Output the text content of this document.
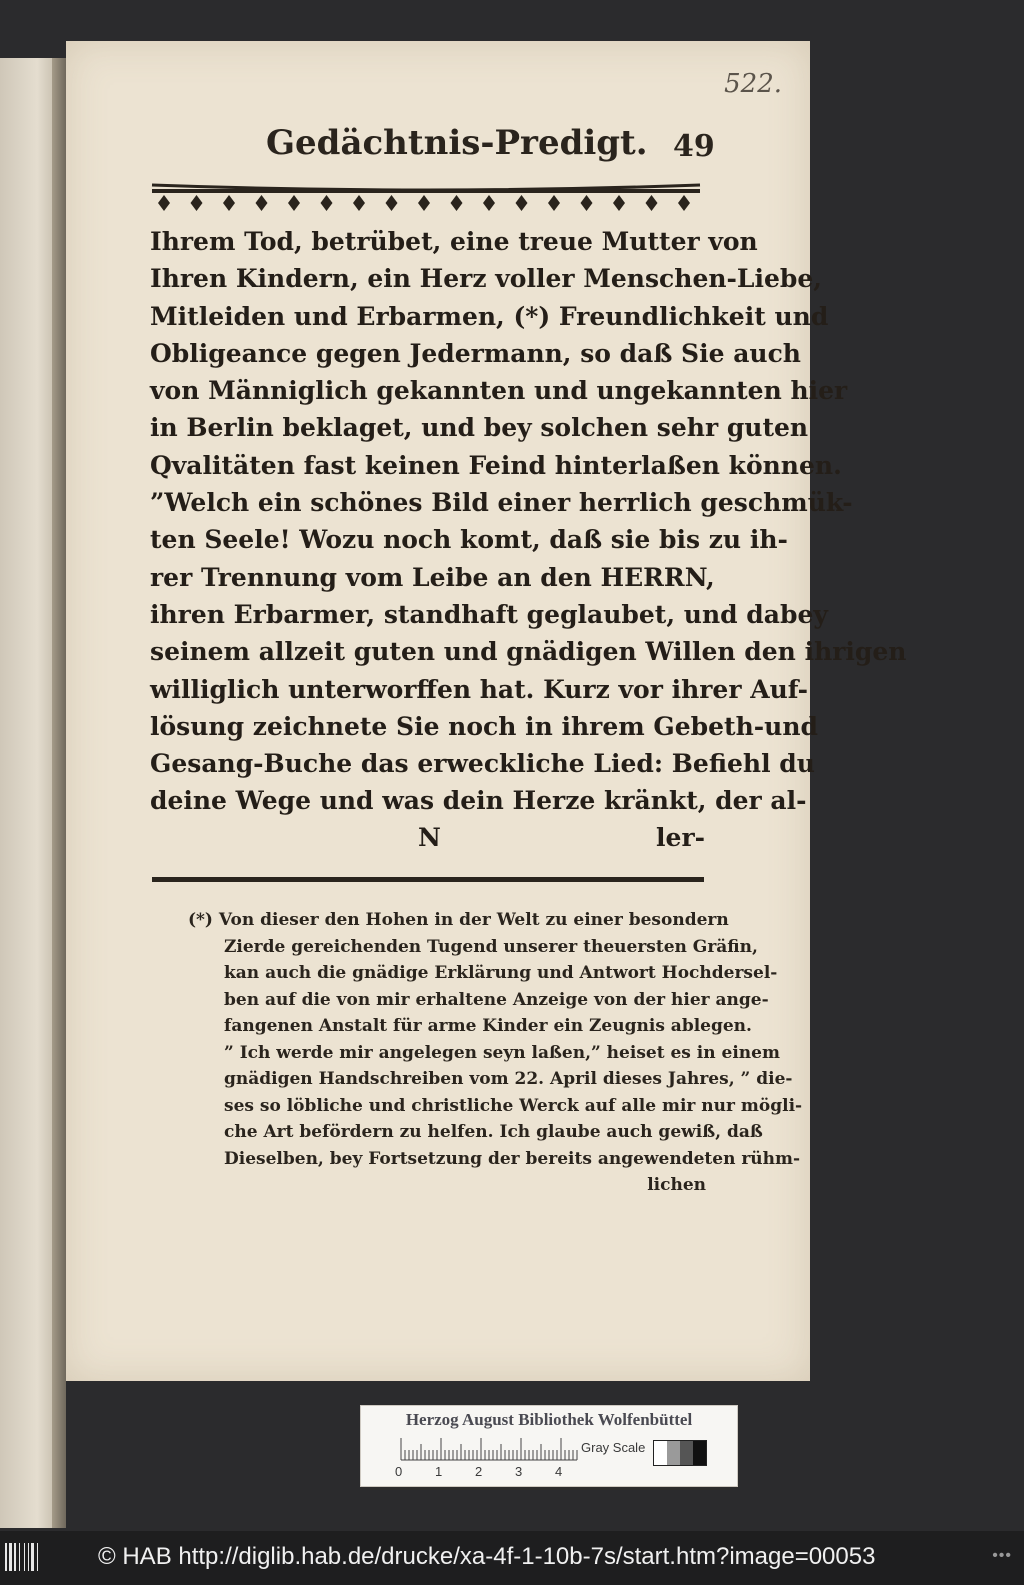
522.
Gedächtnis-Predigt. 49
Ihrem Tod, betrübet, eine treue Mutter von
Ihren Kindern, ein Herz voller Menschen-Liebe,
Mitleiden und Erbarmen, (*) Freundlichkeit und
Obligeance gegen Jedermann, so daß Sie auch
von Männiglich gekannten und ungekannten hier
in Berlin beklaget, und bey solchen sehr guten
Qvalitäten fast keinen Feind hinterlaßen können.
”Welch ein schönes Bild einer herrlich geschmük-
ten Seele! Wozu noch komt, daß sie bis zu ih-
rer Trennung vom Leibe an den HERRN,
ihren Erbarmer, standhaft geglaubet, und dabey
seinem allzeit guten und gnädigen Willen den ihrigen
williglich unterworffen hat. Kurz vor ihrer Auf-
lösung zeichnete Sie noch in ihrem Gebeth-und
Gesang-Buche das erweckliche Lied: Befiehl du
deine Wege und was dein Herze kränkt, der al-
N	ler-
(*) Von dieser den Hohen in der Welt zu einer besondern
Zierde gereichenden Tugend unserer theuersten Gräfin,
kan auch die gnädige Erklärung und Antwort Hochdersel-
ben auf die von mir erhaltene Anzeige von der hier ange-
fangenen Anstalt für arme Kinder ein Zeugnis ablegen.
” Ich werde mir angelegen seyn laßen,” heiset es in einem
gnädigen Handschreiben vom 22. April dieses Jahres, ” die-
ses so löbliche und christliche Werck auf alle mir nur mögli-
che Art befördern zu helfen. Ich glaube auch gewiß, daß
Dieselben, bey Fortsetzung der bereits angewendeten rühm-
lichen
Herzog August Bibliothek Wolfenbüttel
0	1	2	3	4
Gray Scale
© HAB http://diglib.hab.de/drucke/xa-4f-1-10b-7s/start.htm?image=00053	•••
